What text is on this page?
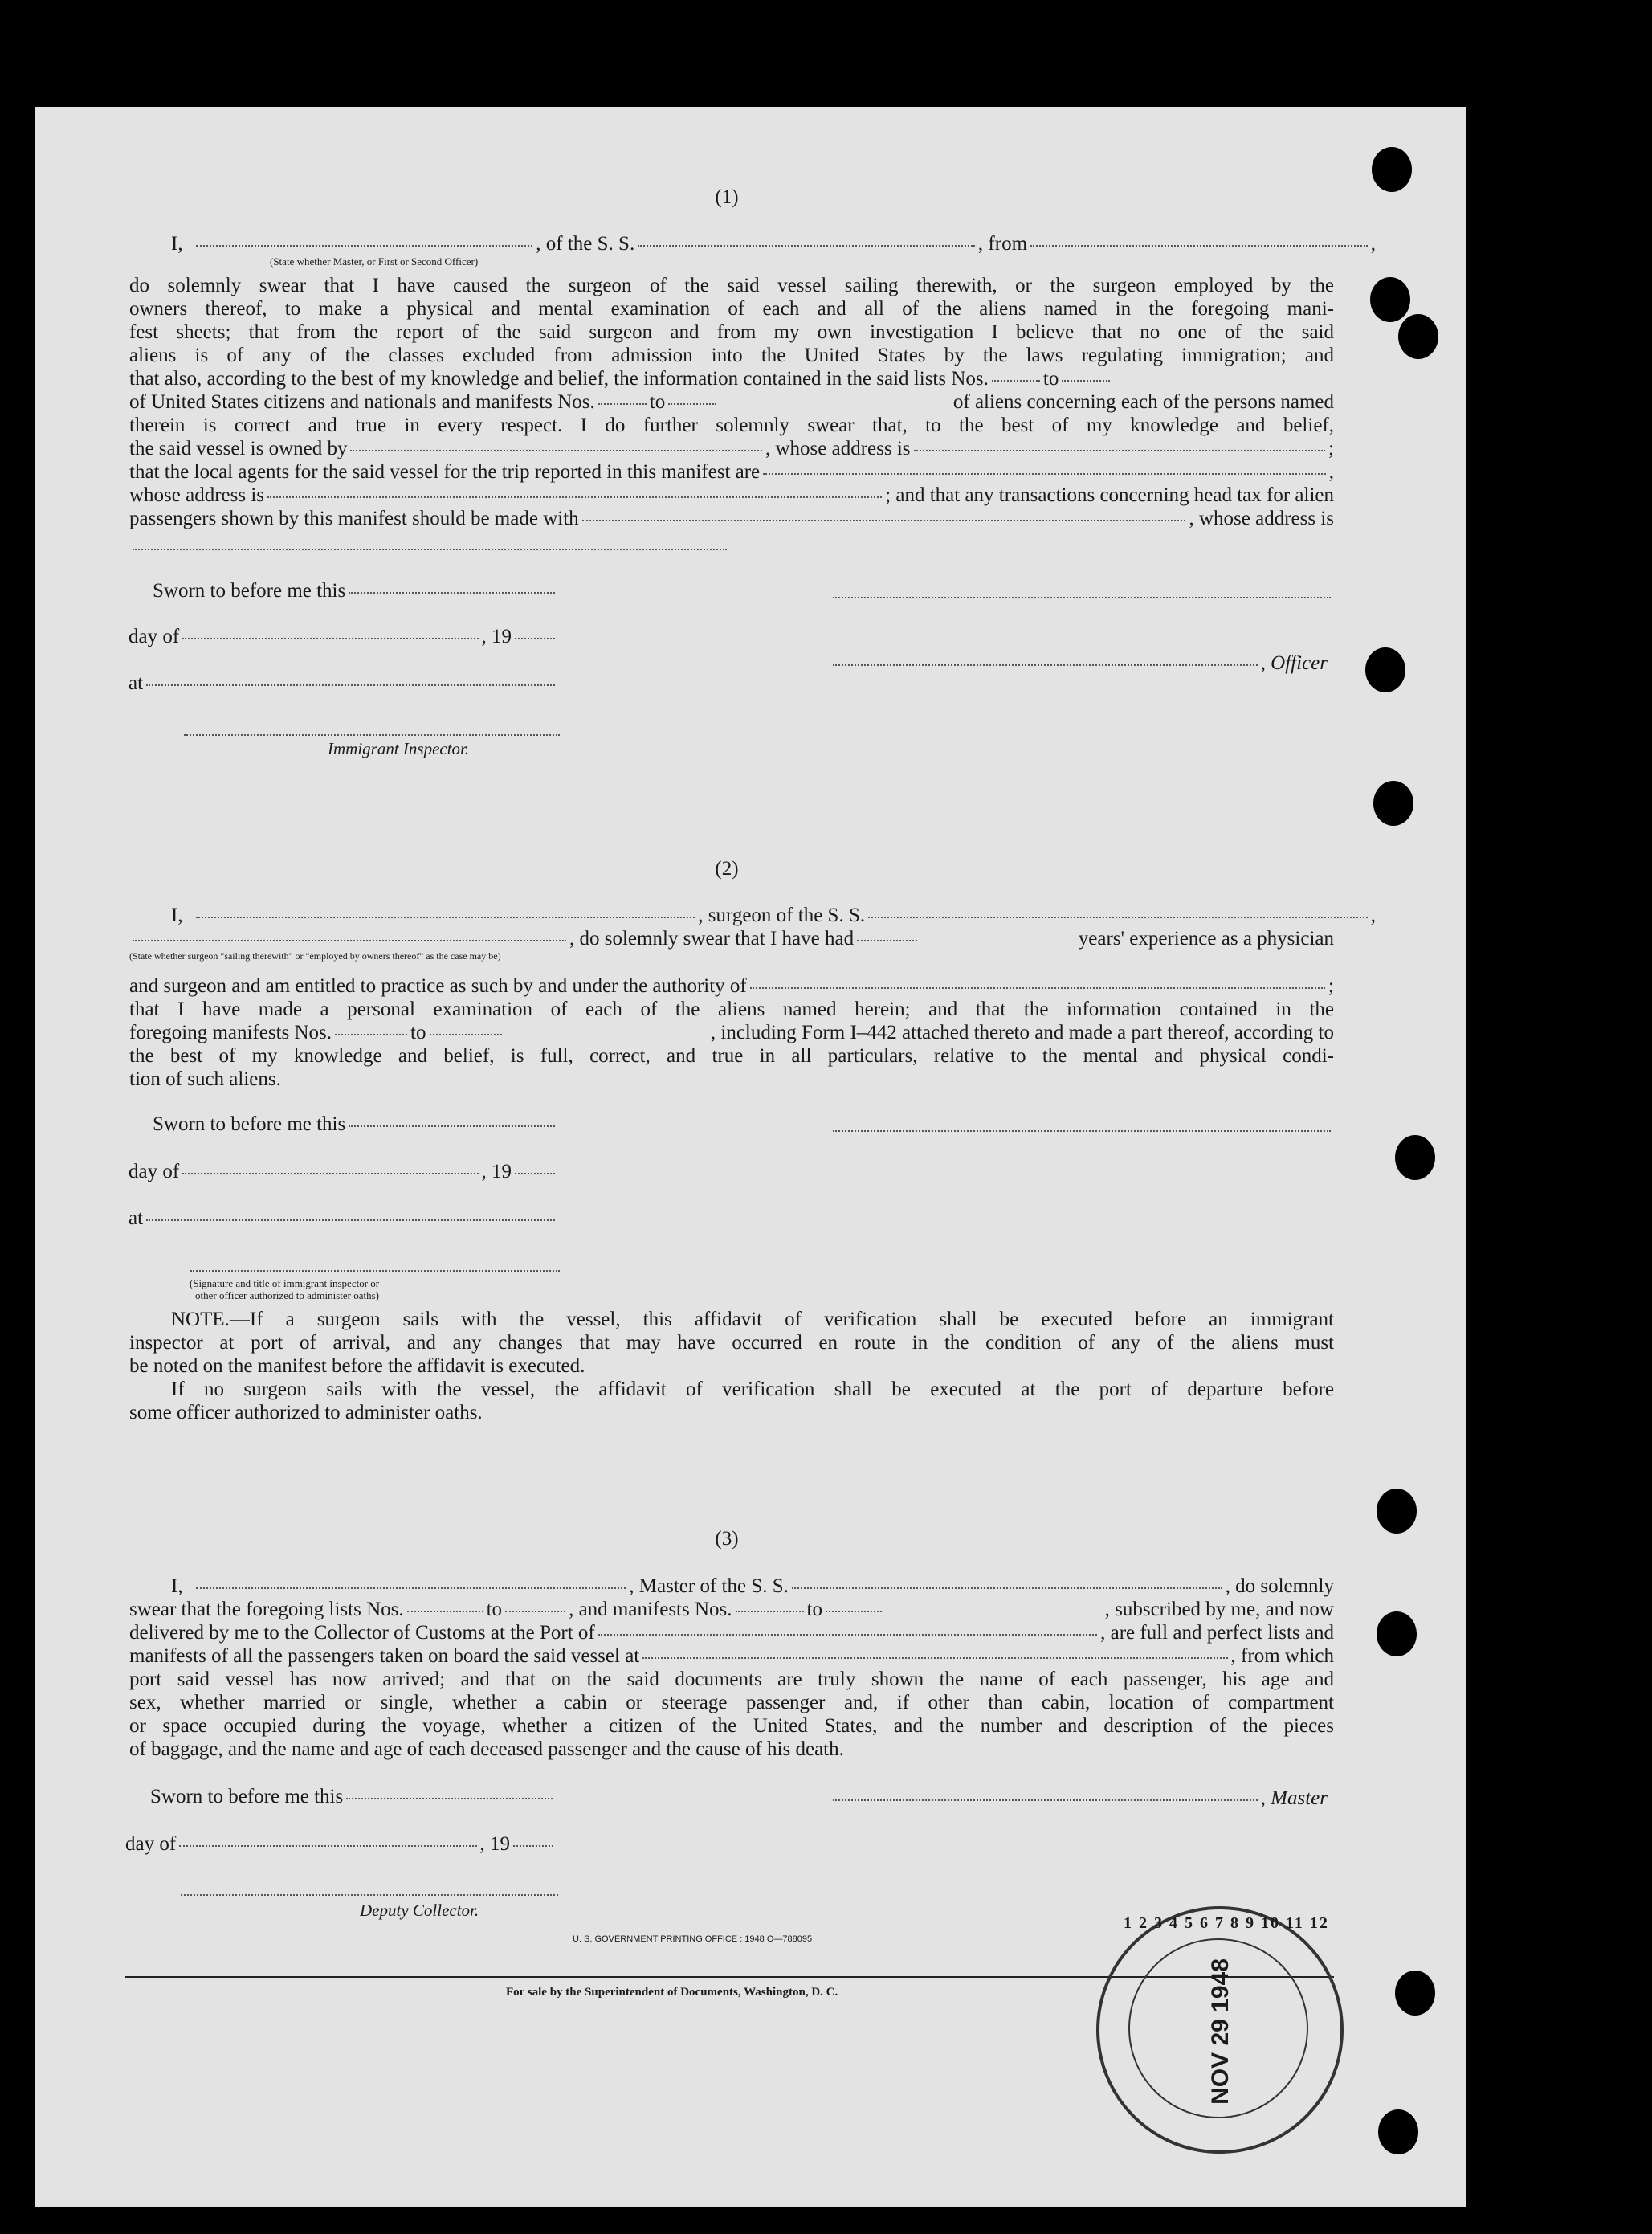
(1)
I,	, of the S. S.	, from	,
(State whether Master, or First or Second Officer)
do solemnly swear that I have caused the surgeon of the said vessel sailing therewith, or the surgeon employed by the
owners thereof, to make a physical and mental examination of each and all of the aliens named in the foregoing mani-
fest sheets; that from the report of the said surgeon and from my own investigation I believe that no one of the said
aliens is of any of the classes excluded from admission into the United States by the laws regulating immigration; and
that also, according to the best of my knowledge and belief, the information contained in the said lists Nos.	to
of United States citizens and nationals and manifests Nos.	to	of aliens concerning each of the persons named
therein is correct and true in every respect. I do further solemnly swear that, to the best of my knowledge and belief,
the said vessel is owned by	, whose address is	;
that the local agents for the said vessel for the trip reported in this manifest are	,
whose address is	; and that any transactions concerning head tax for alien
passengers shown by this manifest should be made with	, whose address is
Sworn to before me this
day of	, 19
at
Immigrant Inspector.
, Officer
(2)
I,	, surgeon of the S. S.	,
, do solemnly swear that I have had	years' experience as a physician
(State whether surgeon "sailing therewith" or "employed by owners thereof" as the case may be)
and surgeon and am entitled to practice as such by and under the authority of	;
that I have made a personal examination of each of the aliens named herein; and that the information contained in the
foregoing manifests Nos.	to	, including Form I–442 attached thereto and made a part thereof, according to
the best of my knowledge and belief, is full, correct, and true in all particulars, relative to the mental and physical condi-
tion of such aliens.
Sworn to before me this
day of	, 19
at
(Signature and title of immigrant inspector or
other officer authorized to administer oaths)
NOTE.—If a surgeon sails with the vessel, this affidavit of verification shall be executed before an immigrant
inspector at port of arrival, and any changes that may have occurred en route in the condition of any of the aliens must
be noted on the manifest before the affidavit is executed.
If no surgeon sails with the vessel, the affidavit of verification shall be executed at the port of departure before
some officer authorized to administer oaths.
(3)
I,	, Master of the S. S.	, do solemnly
swear that the foregoing lists Nos.	to	, and manifests Nos.	to	, subscribed by me, and now
delivered by me to the Collector of Customs at the Port of	, are full and perfect lists and
manifests of all the passengers taken on board the said vessel at	, from which
port said vessel has now arrived; and that on the said documents are truly shown the name of each passenger, his age and
sex, whether married or single, whether a cabin or steerage passenger and, if other than cabin, location of compartment
or space occupied during the voyage, whether a citizen of the United States, and the number and description of the pieces
of baggage, and the name and age of each deceased passenger and the cause of his death.
Sworn to before me this	, Master
day of	, 19
Deputy Collector.
U. S. GOVERNMENT PRINTING OFFICE : 1948 O—788095
For sale by the Superintendent of Documents, Washington, D. C.
1 2 3 4 5 6 7 8 9 10 11 12
NOV 29 1948
